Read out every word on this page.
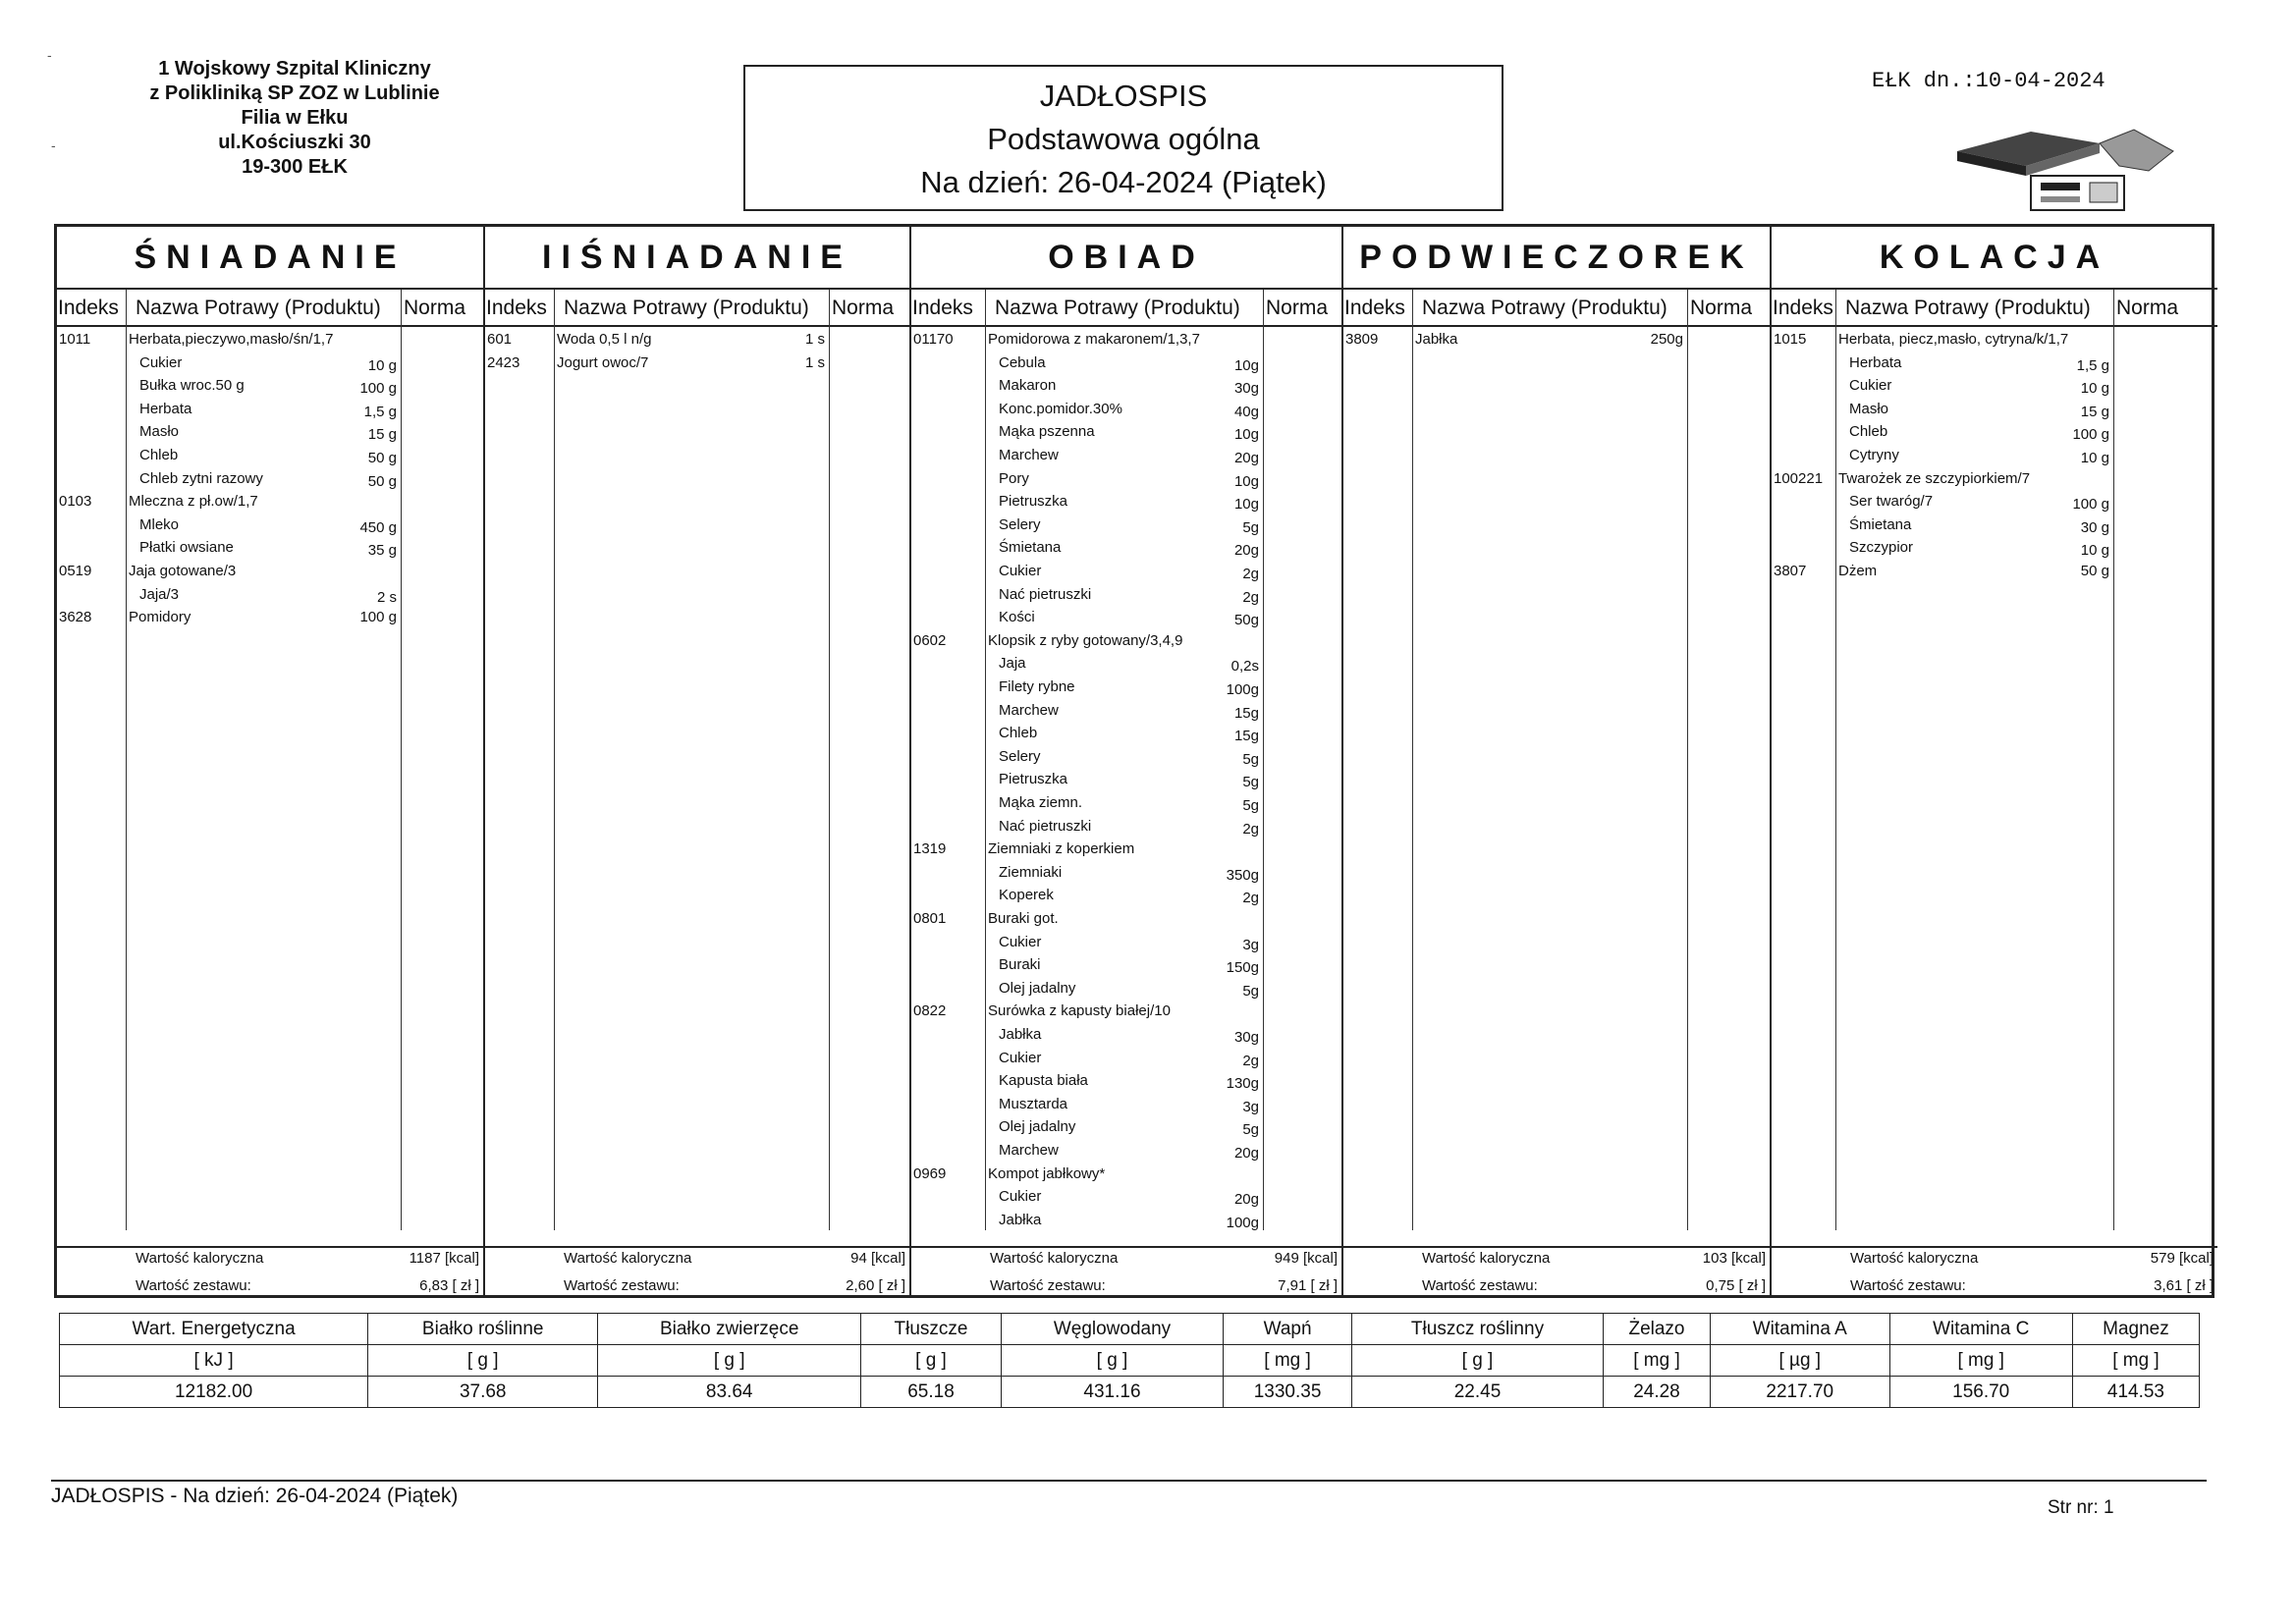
-
-
1 Wojskowy Szpital Kliniczny
z Polikliniką SP ZOZ w Lublinie
Filia w Ełku
ul.Kościuszki 30
19-300 EŁK
JADŁOSPIS
Podstawowa ogólna
Na dzień: 26-04-2024 (Piątek)
EŁK dn.:10-04-2024
ŚNIADANIE
Indeks Nazwa Potrawy (Produktu) Norma
1011	Herbata,pieczywo,masło/śn/1,7
Cukier	10 g
Bułka wroc.50 g	100 g
Herbata	1,5 g
Masło	15 g
Chleb	50 g
Chleb zytni razowy	50 g
0103	Mleczna z pł.ow/1,7
Mleko	450 g
Płatki owsiane	35 g
0519	Jaja gotowane/3
Jaja/3	2 s
3628	Pomidory	100 g
Wartość kaloryczna	1187 [kcal]
Wartość zestawu:	6,83 [ zł ]
IIŚNIADANIE
Indeks Nazwa Potrawy (Produktu) Norma
601	Woda 0,5 l n/g	1 s
2423	Jogurt owoc/7	1 s
Wartość kaloryczna	94 [kcal]
Wartość zestawu:	2,60 [ zł ]
OBIAD
Indeks Nazwa Potrawy (Produktu) Norma
01170 Pomidorowa z makaronem/1,3,7
Cebula	10g
Makaron	30g
Konc.pomidor.30%	40g
Mąka pszenna	10g
Marchew	20g
Pory	10g
Pietruszka	10g
Selery	5g
Śmietana	20g
Cukier	2g
Nać pietruszki	2g
Kości	50g
0602	Klopsik z ryby gotowany/3,4,9
Jaja	0,2s
Filety rybne	100g
Marchew	15g
Chleb	15g
Selery	5g
Pietruszka	5g
Mąka ziemn.	5g
Nać pietruszki	2g
1319	Ziemniaki z koperkiem
Ziemniaki	350g
Koperek	2g
0801	Buraki got.
Cukier	3g
Buraki	150g
Olej jadalny	5g
0822	Surówka z kapusty białej/10
Jabłka	30g
Cukier	2g
Kapusta biała	130g
Musztarda	3g
Olej jadalny	5g
Marchew	20g
0969	Kompot jabłkowy*
Cukier	20g
Jabłka	100g
Wartość kaloryczna	949 [kcal]
Wartość zestawu:	7,91 [ zł ]
PODWIECZOREK
Indeks Nazwa Potrawy (Produktu) Norma
3809	Jabłka	250g
Wartość kaloryczna	103 [kcal]
Wartość zestawu:	0,75 [ zł ]
KOLACJA
Indeks Nazwa Potrawy (Produktu) Norma
1015 Herbata, piecz,masło, cytryna/k/1,7
Herbata	1,5 g
Cukier	10 g
Masło	15 g
Chleb	100 g
Cytryny	10 g
100221 Twarożek ze szczypiorkiem/7
Ser twaróg/7	100 g
Śmietana	30 g
Szczypior	10 g
3807 Dżem	50 g
Wartość kaloryczna	579 [kcal]
Wartość zestawu:	3,61 [ zł ]
Wart. Energetyczna	Białko roślinne	Białko zwierzęce	Tłuszcze	Węglowodany	Wapń	Tłuszcz roślinny	Żelazo	Witamina A	Witamina C	Magnez
[ kJ ]	[ g ]	[ g ]	[ g ]	[ g ]	[ mg ]	[ g ]	[ mg ]	[ µg ]	[ mg ]	[ mg ]
12182.00	37.68	83.64	65.18	431.16	1330.35	22.45	24.28	2217.70	156.70	414.53
JADŁOSPIS - Na dzień: 26-04-2024 (Piątek)
Str nr: 1
